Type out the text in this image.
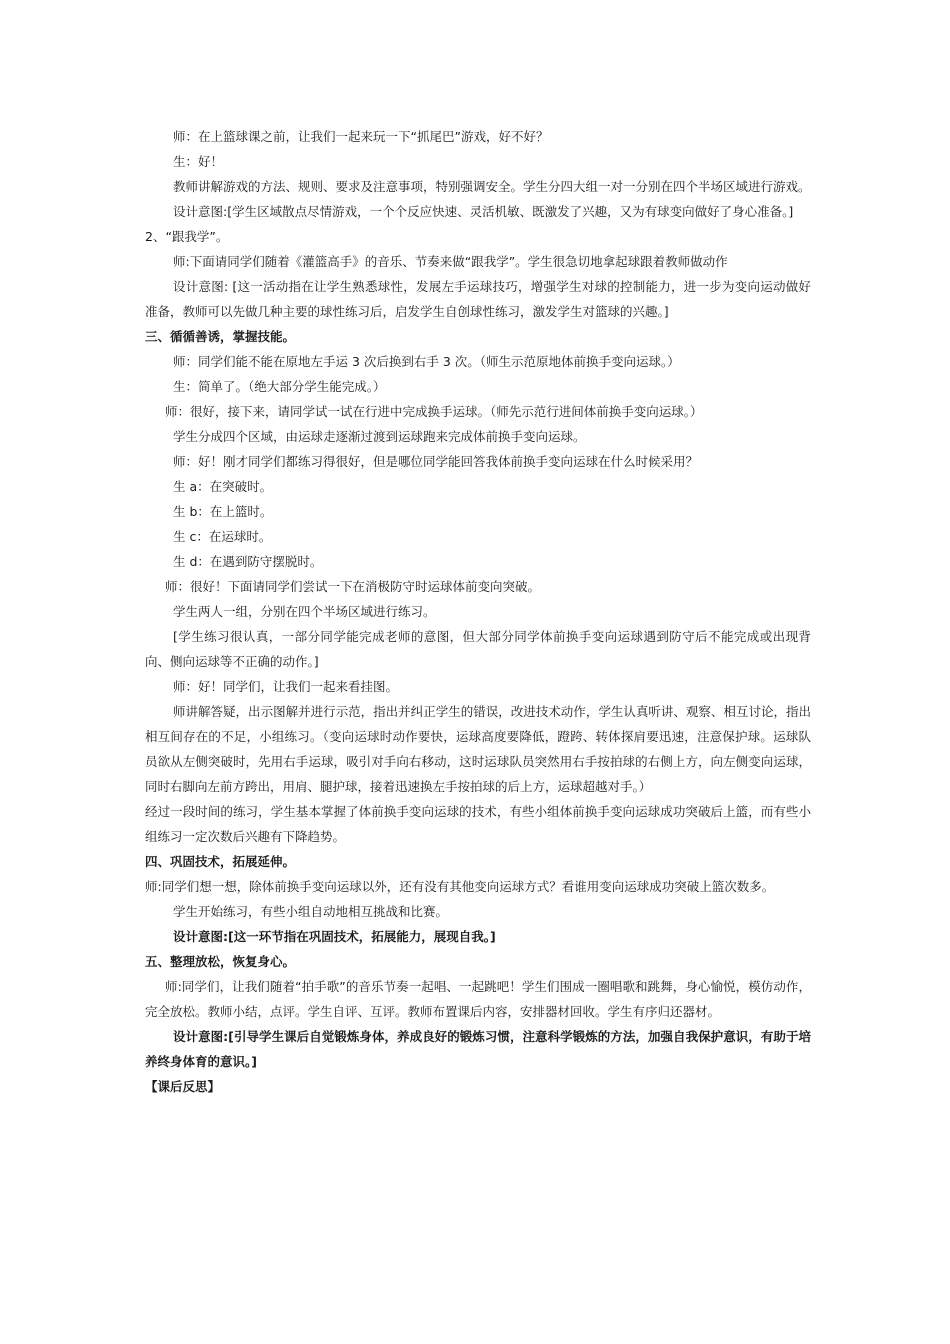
师：在上篮球课之前，让我们一起来玩一下“抓尾巴”游戏，好不好？

生：好！

教师讲解游戏的方法、规则、要求及注意事项，特别强调安全。学生分四大组一对一分别在四个半场区域进行游戏。

设计意图:[学生区域散点尽情游戏，一个个反应快速、灵活机敏、既激发了兴趣，又为有球变向做好了身心准备。]

2、“跟我学”。

师:下面请同学们随着《灌篮高手》的音乐、节奏来做“跟我学”。学生很急切地拿起球跟着教师做动作

设计意图: [这一活动指在让学生熟悉球性，发展左手运球技巧，增强学生对球的控制能力，进一步为变向运动做好准备，教师可以先做几种主要的球性练习后，启发学生自创球性练习，激发学生对篮球的兴趣。]

三、循循善诱，掌握技能。

师：同学们能不能在原地左手运 3 次后换到右手 3 次。（师生示范原地体前换手变向运球。）

生：简单了。（绝大部分学生能完成。）

师：很好，接下来，请同学试一试在行进中完成换手运球。（师先示范行进间体前换手变向运球。）

学生分成四个区域，由运球走逐渐过渡到运球跑来完成体前换手变向运球。

师：好！刚才同学们都练习得很好，但是哪位同学能回答我体前换手变向运球在什么时候采用？

生 a：在突破时。

生 b：在上篮时。

生 c：在运球时。

生 d：在遇到防守摆脱时。

师：很好！下面请同学们尝试一下在消极防守时运球体前变向突破。

学生两人一组，分别在四个半场区域进行练习。

[学生练习很认真，一部分同学能完成老师的意图，但大部分同学体前换手变向运球遇到防守后不能完成或出现背向、侧向运球等不正确的动作。]

师：好！同学们，让我们一起来看挂图。

师讲解答疑，出示图解并进行示范，指出并纠正学生的错误，改进技术动作，学生认真听讲、观察、相互讨论，指出相互间存在的不足，小组练习。（变向运球时动作要快，运球高度要降低，蹬跨、转体探肩要迅速，注意保护球。运球队员欲从左侧突破时，先用右手运球，吸引对手向右移动，这时运球队员突然用右手按拍球的右侧上方，向左侧变向运球，同时右脚向左前方跨出，用肩、腿护球，接着迅速换左手按拍球的后上方，运球超越对手。）

经过一段时间的练习，学生基本掌握了体前换手变向运球的技术，有些小组体前换手变向运球成功突破后上篮，而有些小组练习一定次数后兴趣有下降趋势。

四、巩固技术，拓展延伸。

师:同学们想一想，除体前换手变向运球以外，还有没有其他变向运球方式？看谁用变向运球成功突破上篮次数多。

学生开始练习，有些小组自动地相互挑战和比赛。

设计意图:[这一环节指在巩固技术，拓展能力，展现自我。]

五、整理放松，恢复身心。

师:同学们，让我们随着“拍手歌”的音乐节奏一起唱、一起跳吧！学生们围成一圈唱歌和跳舞，身心愉悦，模仿动作，完全放松。教师小结，点评。学生自评、互评。教师布置课后内容，安排器材回收。学生有序归还器材。

设计意图:[引导学生课后自觉锻炼身体，养成良好的锻炼习惯，注意科学锻炼的方法，加强自我保护意识，有助于培养终身体育的意识。]

【课后反思】
